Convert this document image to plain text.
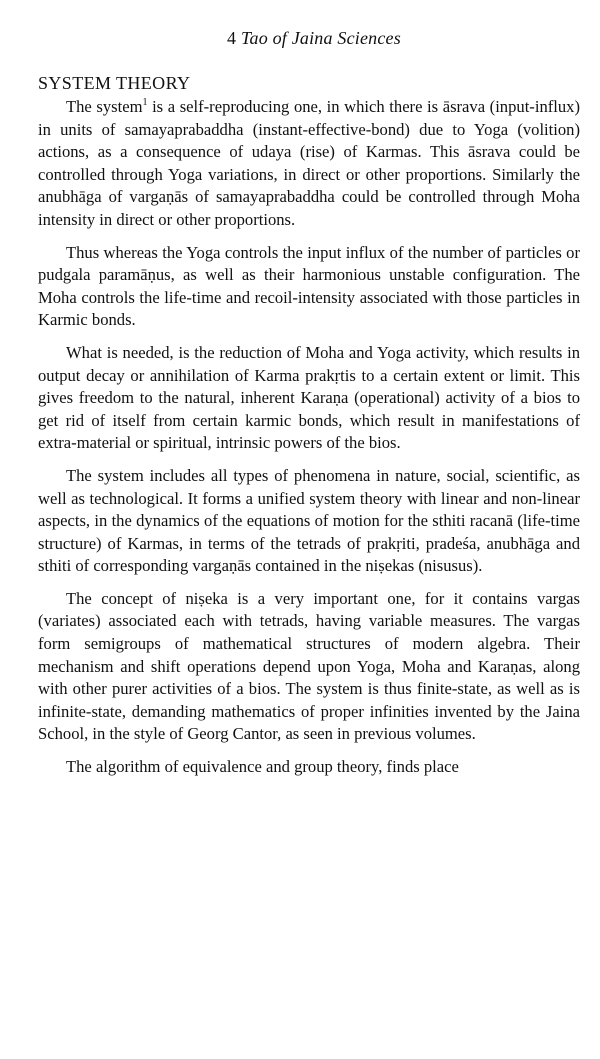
4 Tao of Jaina Sciences
SYSTEM THEORY

The system$^1$ is a self-reproducing one, in which there is āsrava (input-influx) in units of samayaprabaddha (instant-effective-bond) due to Yoga (volition) actions, as a consequence of udaya (rise) of Karmas. This āsrava could be controlled through Yoga variations, in direct or other proportions. Similarly the anubhāga of vargaṇās of samayaprabaddha could be controlled through Moha intensity in direct or other proportions.

Thus whereas the Yoga controls the input influx of the number of particles or pudgala paramāṇus, as well as their harmonious unstable configuration. The Moha controls the life-time and recoil-intensity associated with those particles in Karmic bonds.

What is needed, is the reduction of Moha and Yoga activity, which results in output decay or annihilation of Karma prakṛtis to a certain extent or limit. This gives freedom to the natural, inherent Karaṇa (operational) activity of a bios to get rid of itself from certain karmic bonds, which result in manifestations of extra-material or spiritual, intrinsic powers of the bios.

The system includes all types of phenomena in nature, social, scientific, as well as technological. It forms a unified system theory with linear and non-linear aspects, in the dynamics of the equations of motion for the sthiti racanā (life-time structure) of Karmas, in terms of the tetrads of prakṛiti, pradeśa, anubhāga and sthiti of corresponding vargaṇās contained in the niṣekas (nisusus).

The concept of niṣeka is a very important one, for it contains vargas (variates) associated each with tetrads, having variable measures. The vargas form semigroups of mathematical structures of modern algebra. Their mechanism and shift operations depend upon Yoga, Moha and Karaṇas, along with other purer activities of a bios. The system is thus finite-state, as well as is infinite-state, demanding mathematics of proper infinities invented by the Jaina School, in the style of Georg Cantor, as seen in previous volumes.

The algorithm of equivalence and group theory, finds place
